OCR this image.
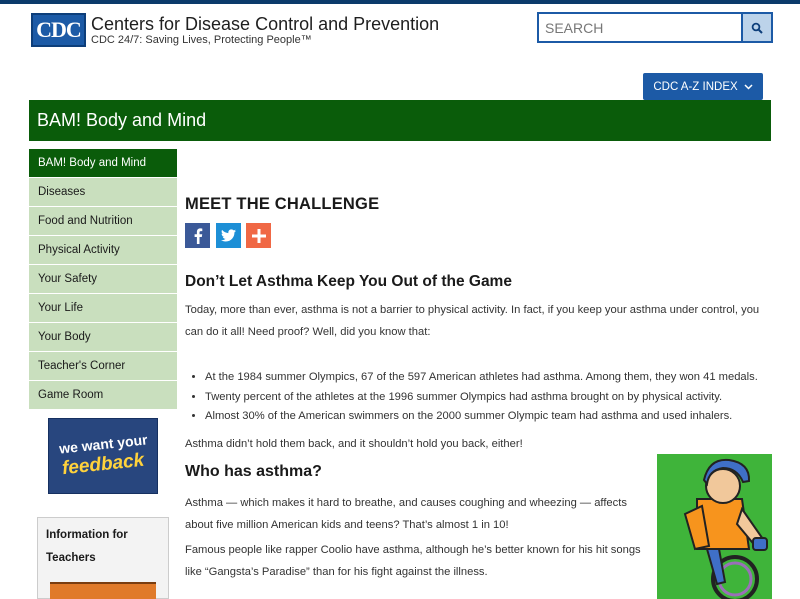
CDC Centers for Disease Control and Prevention
CDC 24/7: Saving Lives, Protecting People™
SEARCH
CDC A-Z INDEX
BAM! Body and Mind
BAM! Body and Mind
Diseases
Food and Nutrition
Physical Activity
Your Safety
Your Life
Your Body
Teacher's Corner
Game Room
we want your
feedback
Information for Teachers
MEET THE CHALLENGE
Don’t Let Asthma Keep You Out of the Game

Today, more than ever, asthma is not a barrier to physical activity. In fact, if you keep your asthma under control, you can do it all! Need proof? Well, did you know that:

• At the 1984 summer Olympics, 67 of the 597 American athletes had asthma. Among them, they won 41 medals.
• Twenty percent of the athletes at the 1996 summer Olympics had asthma brought on by physical activity.
• Almost 30% of the American swimmers on the 2000 summer Olympic team had asthma and used inhalers.

Asthma didn’t hold them back, and it shouldn’t hold you back, either!

Who has asthma?

Asthma — which makes it hard to breathe, and causes coughing and wheezing — affects about five million American kids and teens? That’s almost 1 in 10!

Famous people like rapper Coolio have asthma, although he’s better known for his hit songs like “Gangsta’s Paradise” than for his fight against the illness.
